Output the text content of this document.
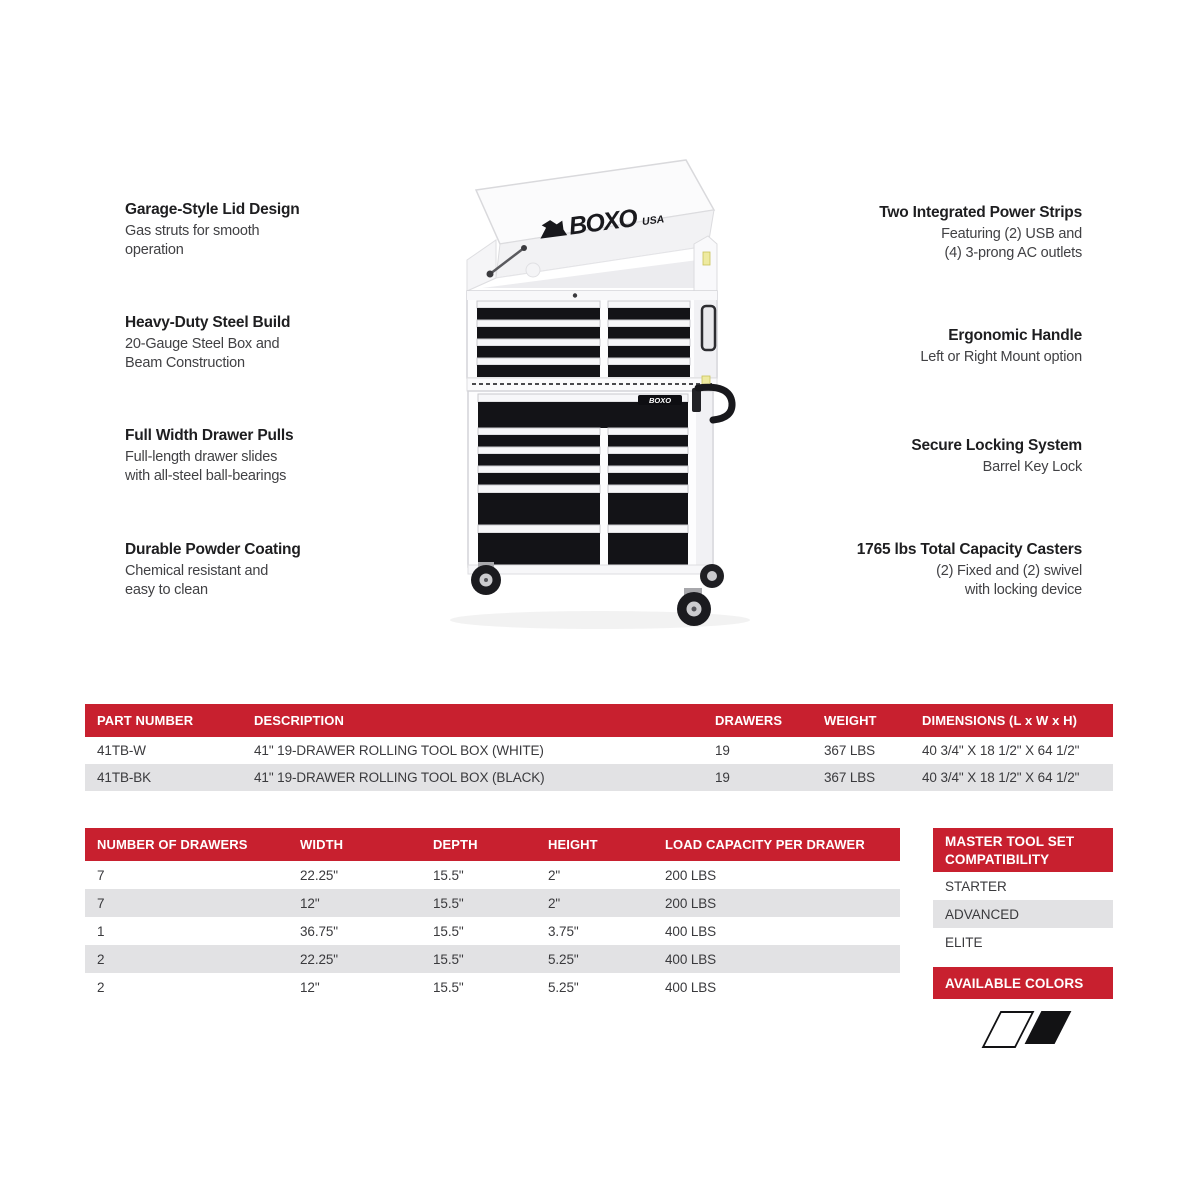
Garage-Style Lid Design
Gas struts for smooth
operation
Heavy-Duty Steel Build
20-Gauge Steel Box and
Beam Construction
Full Width Drawer Pulls
Full-length drawer slides
with all-steel ball-bearings
Durable Powder Coating
Chemical resistant and
easy to clean
Two Integrated Power Strips
Featuring (2) USB and
(4) 3-prong AC outlets
Ergonomic Handle
Left or Right Mount option
Secure Locking System
Barrel Key Lock
1765 lbs Total Capacity Casters
(2) Fixed and (2) swivel
with locking device
BOXO USA
BOXO
PART NUMBER	DESCRIPTION	DRAWERS	WEIGHT	DIMENSIONS (L x W x H)
41TB-W	41" 19-DRAWER ROLLING TOOL BOX (WHITE)	19	367 LBS	40 3/4" X 18 1/2" X 64 1/2"
41TB-BK	41" 19-DRAWER ROLLING TOOL BOX (BLACK)	19	367 LBS	40 3/4" X 18 1/2" X 64 1/2"
NUMBER OF DRAWERS	WIDTH	DEPTH	HEIGHT	LOAD CAPACITY PER DRAWER
7	22.25"	15.5"	2"	200 LBS
7	12"	15.5"	2"	200 LBS
1	36.75"	15.5"	3.75"	400 LBS
2	22.25"	15.5"	5.25"	400 LBS
2	12"	15.5"	5.25"	400 LBS
MASTER TOOL SET COMPATIBILITY
STARTER
ADVANCED
ELITE
AVAILABLE COLORS
